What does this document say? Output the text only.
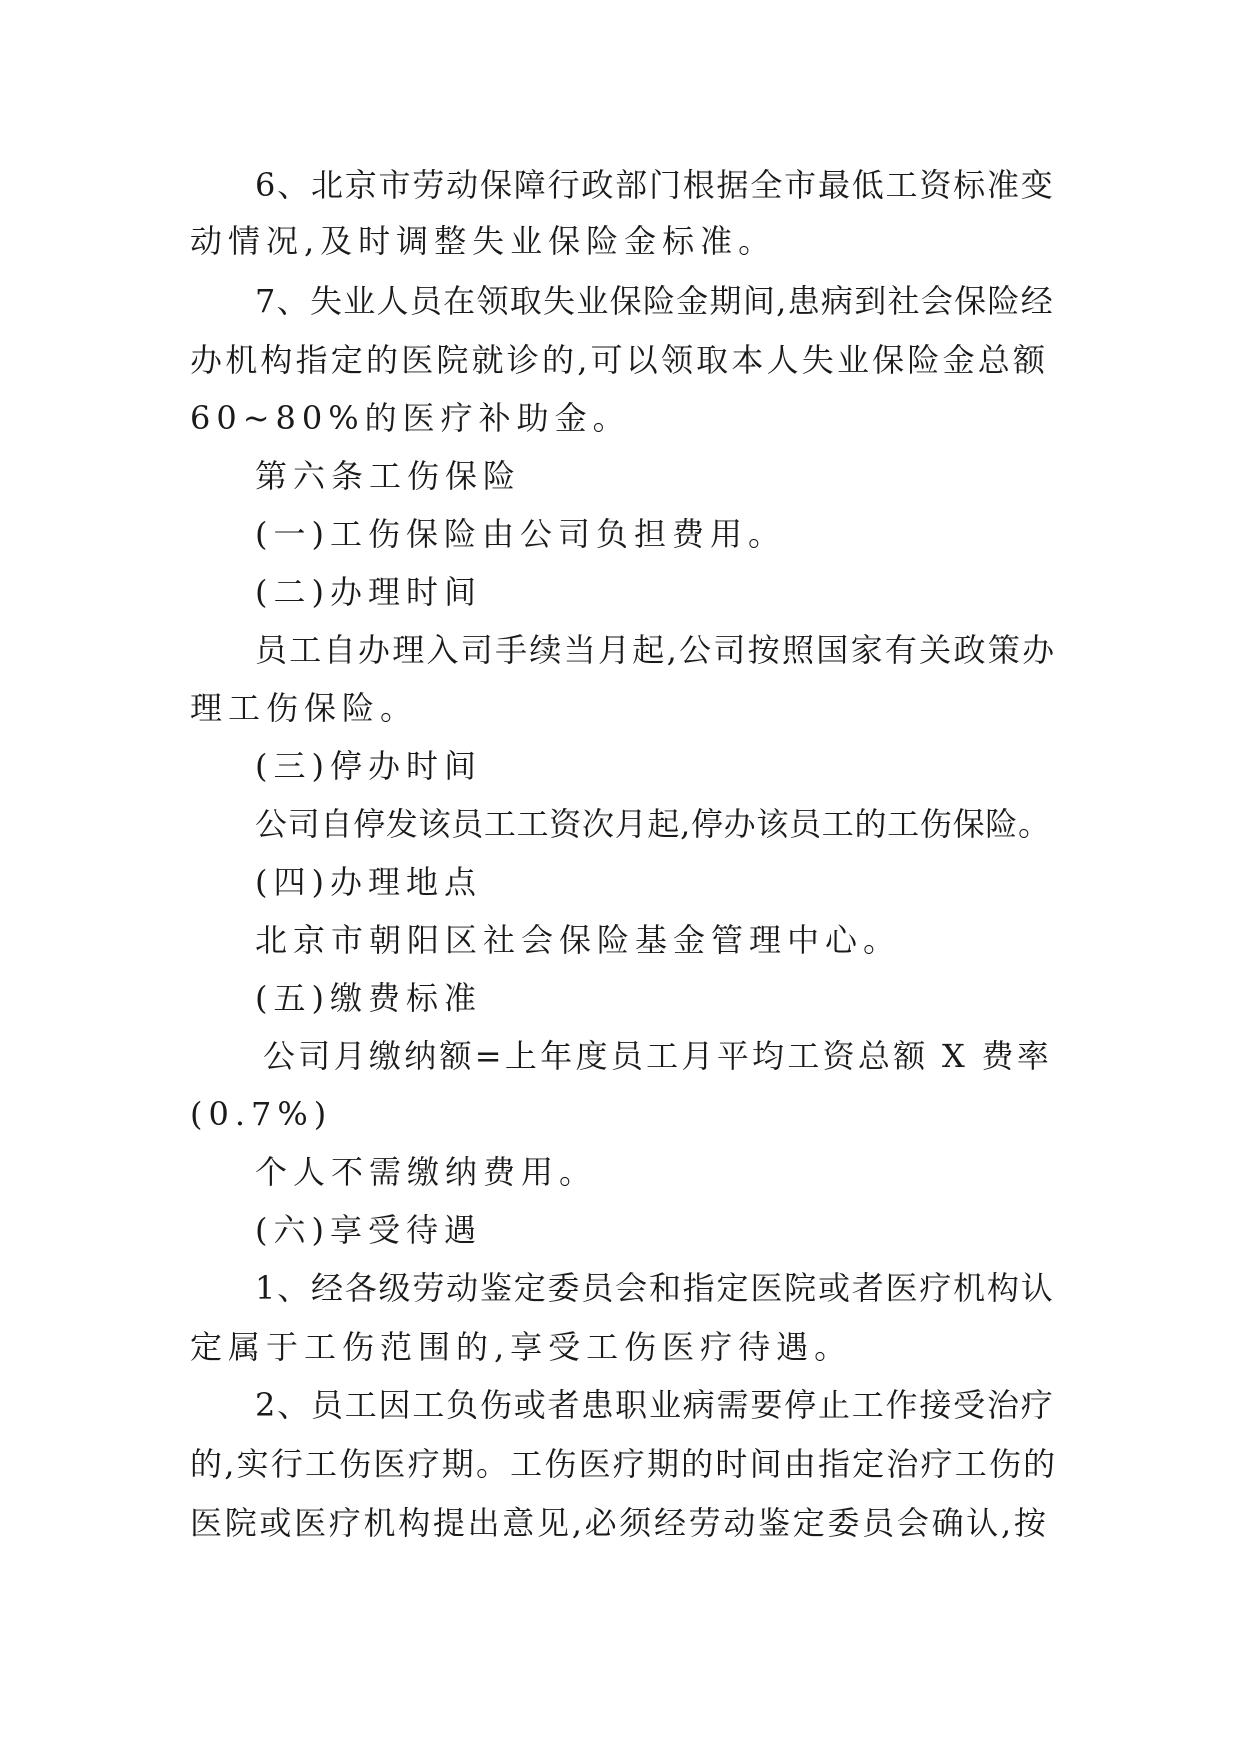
6、北京市劳动保障行政部门根据全市最低工资标准变
动情况,及时调整失业保险金标准。
7、失业人员在领取失业保险金期间,患病到社会保险经
办机构指定的医院就诊的,可以领取本人失业保险金总额
60~80%的医疗补助金。
第六条工伤保险
(一)工伤保险由公司负担费用。
(二)办理时间
员工自办理入司手续当月起,公司按照国家有关政策办
理工伤保险。
(三)停办时间
公司自停发该员工工资次月起,停办该员工的工伤保险。
(四)办理地点
北京市朝阳区社会保险基金管理中心。
(五)缴费标准
公司月缴纳额=上年度员工月平均工资总额 X 费率
(0.7%)
个人不需缴纳费用。
(六)享受待遇
1、经各级劳动鉴定委员会和指定医院或者医疗机构认
定属于工伤范围的,享受工伤医疗待遇。
2、员工因工负伤或者患职业病需要停止工作接受治疗
的,实行工伤医疗期。工伤医疗期的时间由指定治疗工伤的
医院或医疗机构提出意见,必须经劳动鉴定委员会确认,按
